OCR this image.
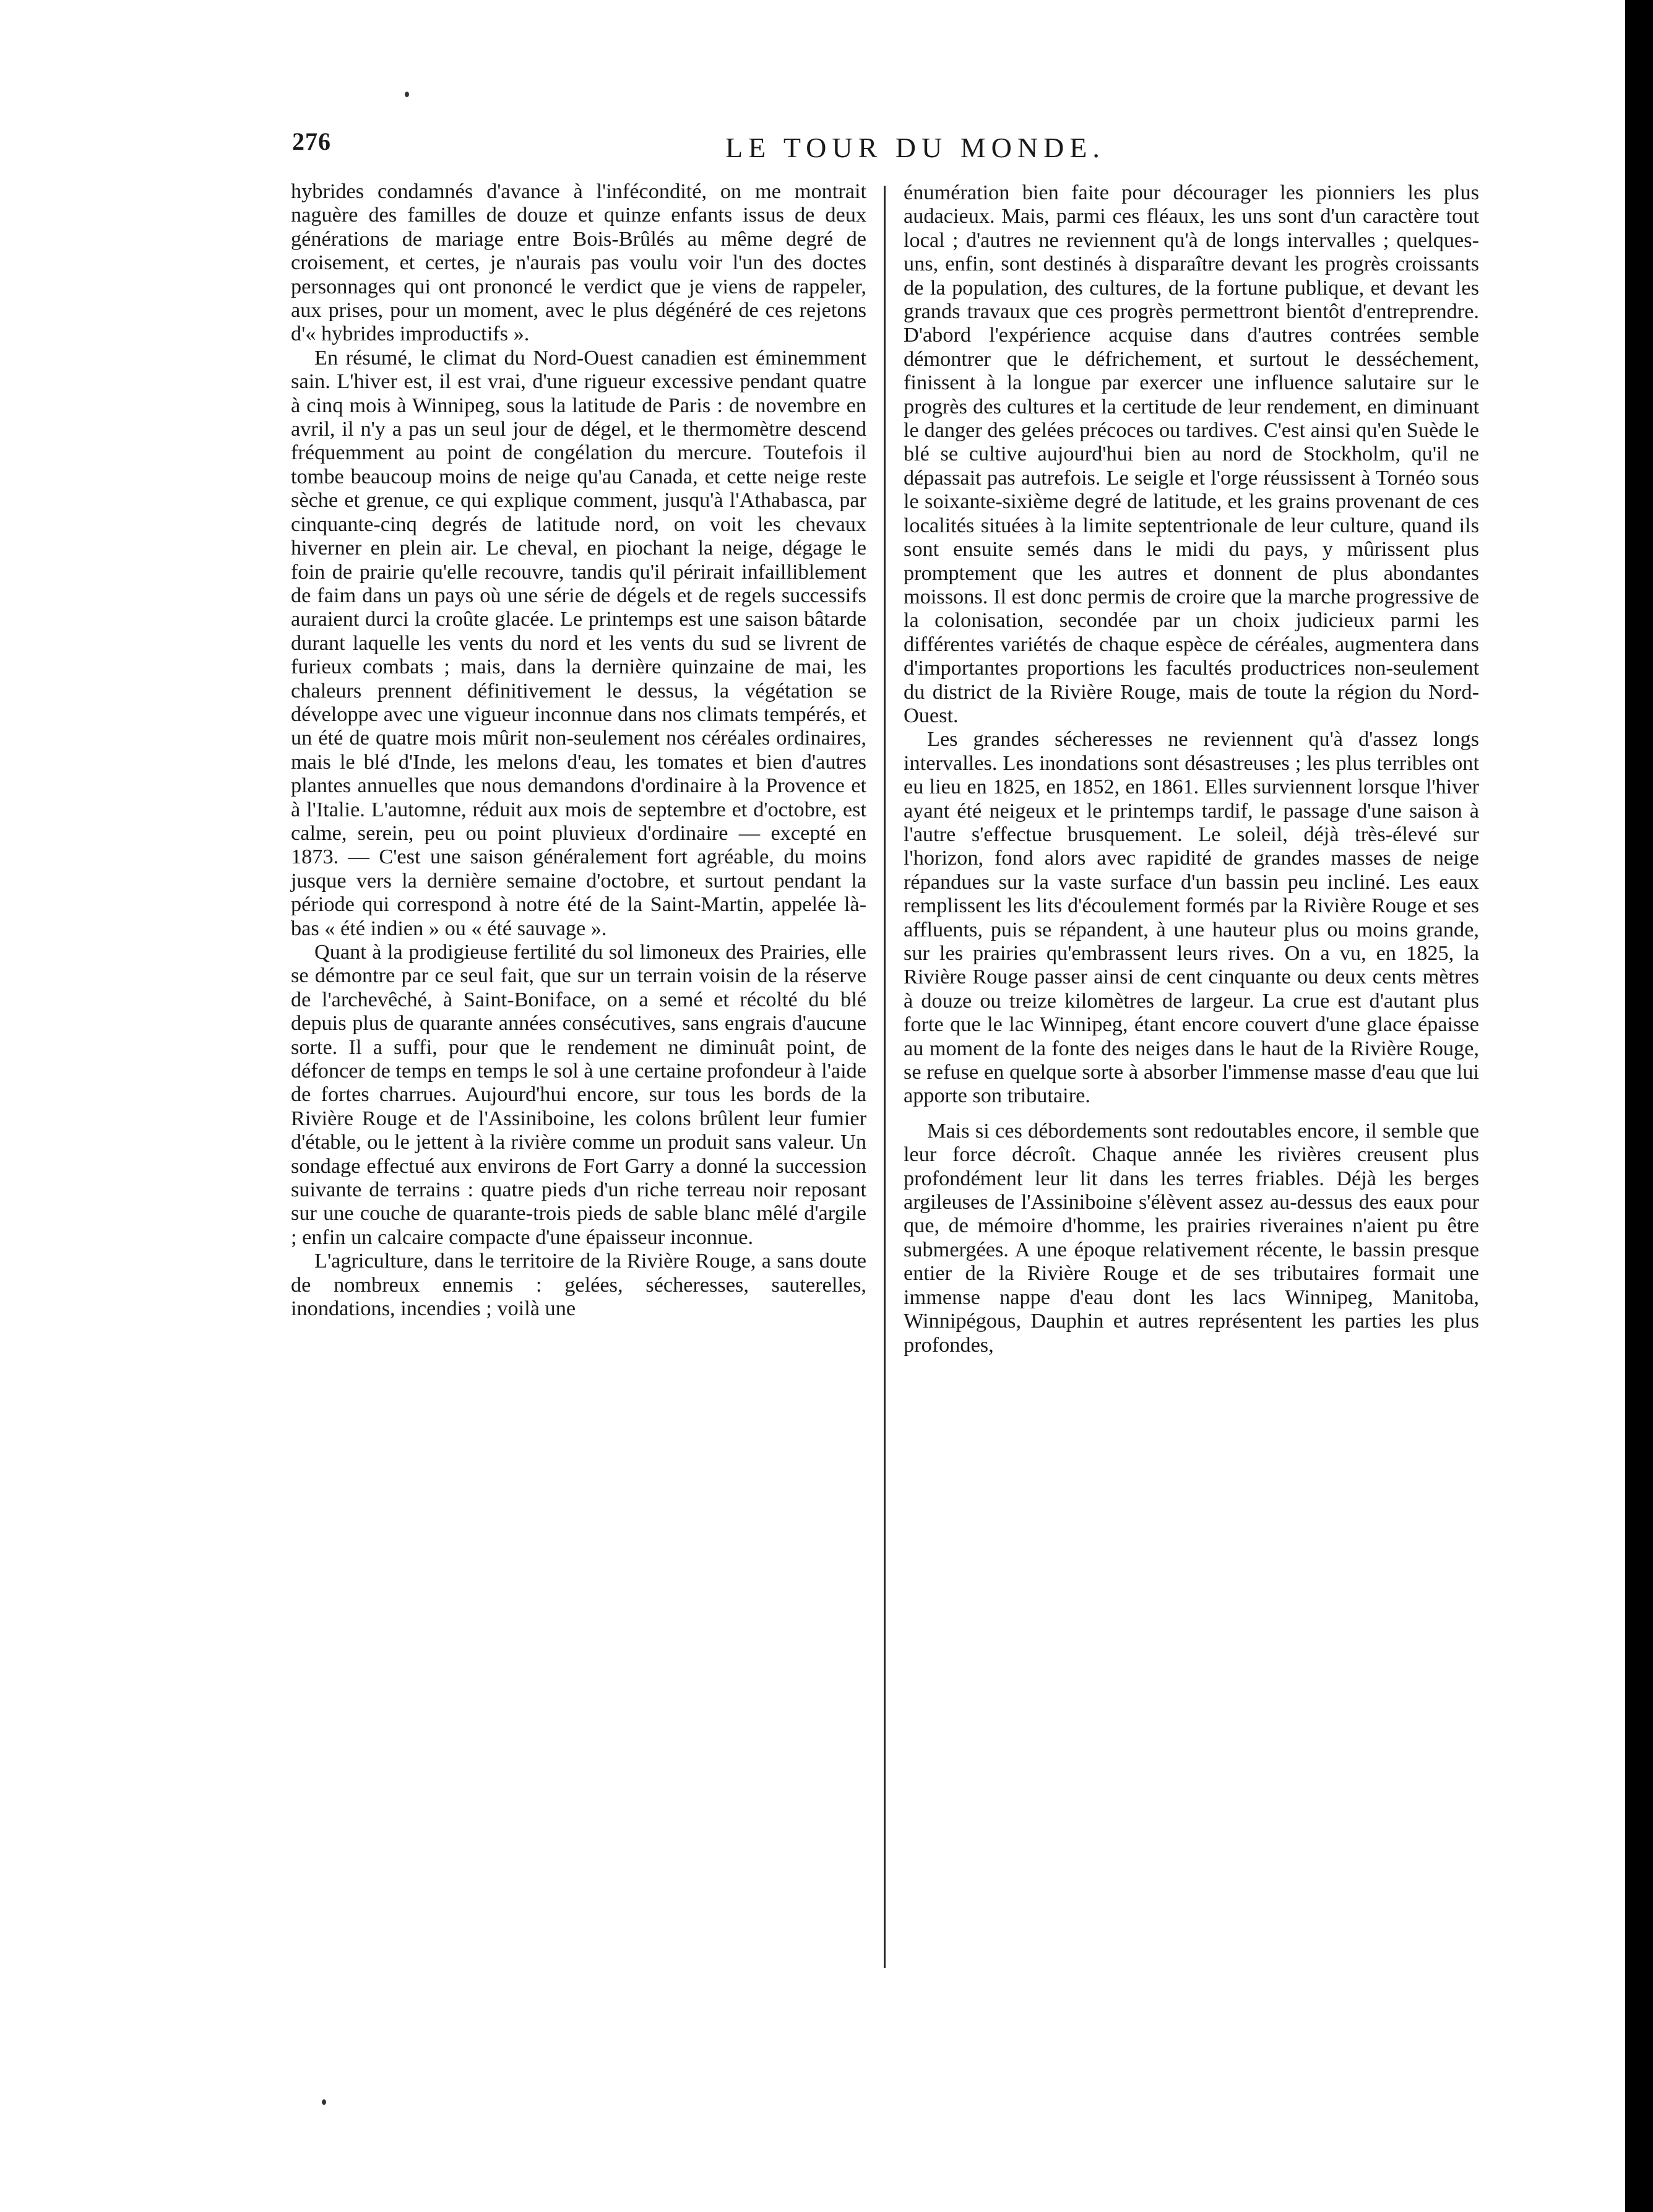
276	LE TOUR DU MONDE.

hybrides condamnés d'avance à l'infécondité, on me montrait naguère des familles de douze et quinze enfants issus de deux générations de mariage entre Bois-Brûlés au même degré de croisement, et certes, je n'aurais pas voulu voir l'un des doctes personnages qui ont prononcé le verdict que je viens de rappeler, aux prises, pour un moment, avec le plus dégénéré de ces rejetons d'« hybrides improductifs ».

En résumé, le climat du Nord-Ouest canadien est éminemment sain. L'hiver est, il est vrai, d'une rigueur excessive pendant quatre à cinq mois à Winnipeg, sous la latitude de Paris : de novembre en avril, il n'y a pas un seul jour de dégel, et le thermomètre descend fréquemment au point de congélation du mercure. Toutefois il tombe beaucoup moins de neige qu'au Canada, et cette neige reste sèche et grenue, ce qui explique comment, jusqu'à l'Athabasca, par cinquante-cinq degrés de latitude nord, on voit les chevaux hiverner en plein air. Le cheval, en piochant la neige, dégage le foin de prairie qu'elle recouvre, tandis qu'il périrait infailliblement de faim dans un pays où une série de dégels et de regels successifs auraient durci la croûte glacée. Le printemps est une saison bâtarde durant laquelle les vents du nord et les vents du sud se livrent de furieux combats ; mais, dans la dernière quinzaine de mai, les chaleurs prennent définitivement le dessus, la végétation se développe avec une vigueur inconnue dans nos climats tempérés, et un été de quatre mois mûrit non-seulement nos céréales ordinaires, mais le blé d'Inde, les melons d'eau, les tomates et bien d'autres plantes annuelles que nous demandons d'ordinaire à la Provence et à l'Italie. L'automne, réduit aux mois de septembre et d'octobre, est calme, serein, peu ou point pluvieux d'ordinaire — excepté en 1873. — C'est une saison généralement fort agréable, du moins jusque vers la dernière semaine d'octobre, et surtout pendant la période qui correspond à notre été de la Saint-Martin, appelée là-bas « été indien » ou « été sauvage ».

Quant à la prodigieuse fertilité du sol limoneux des Prairies, elle se démontre par ce seul fait, que sur un terrain voisin de la réserve de l'archevêché, à Saint-Boniface, on a semé et récolté du blé depuis plus de quarante années consécutives, sans engrais d'aucune sorte. Il a suffi, pour que le rendement ne diminuât point, de défoncer de temps en temps le sol à une certaine profondeur à l'aide de fortes charrues. Aujourd'hui encore, sur tous les bords de la Rivière Rouge et de l'Assiniboine, les colons brûlent leur fumier d'étable, ou le jettent à la rivière comme un produit sans valeur. Un sondage effectué aux environs de Fort Garry a donné la succession suivante de terrains : quatre pieds d'un riche terreau noir reposant sur une couche de quarante-trois pieds de sable blanc mêlé d'argile ; enfin un calcaire compacte d'une épaisseur inconnue.

L'agriculture, dans le territoire de la Rivière Rouge, a sans doute de nombreux ennemis : gelées, sécheresses, sauterelles, inondations, incendies ; voilà une

énumération bien faite pour décourager les pionniers les plus audacieux. Mais, parmi ces fléaux, les uns sont d'un caractère tout local ; d'autres ne reviennent qu'à de longs intervalles ; quelques-uns, enfin, sont destinés à disparaître devant les progrès croissants de la population, des cultures, de la fortune publique, et devant les grands travaux que ces progrès permettront bientôt d'entreprendre. D'abord l'expérience acquise dans d'autres contrées semble démontrer que le défrichement, et surtout le desséchement, finissent à la longue par exercer une influence salutaire sur le progrès des cultures et la certitude de leur rendement, en diminuant le danger des gelées précoces ou tardives. C'est ainsi qu'en Suède le blé se cultive aujourd'hui bien au nord de Stockholm, qu'il ne dépassait pas autrefois. Le seigle et l'orge réussissent à Tornéo sous le soixante-sixième degré de latitude, et les grains provenant de ces localités situées à la limite septentrionale de leur culture, quand ils sont ensuite semés dans le midi du pays, y mûrissent plus promptement que les autres et donnent de plus abondantes moissons. Il est donc permis de croire que la marche progressive de la colonisation, secondée par un choix judicieux parmi les différentes variétés de chaque espèce de céréales, augmentera dans d'importantes proportions les facultés productrices non-seulement du district de la Rivière Rouge, mais de toute la région du Nord-Ouest.

Les grandes sécheresses ne reviennent qu'à d'assez longs intervalles. Les inondations sont désastreuses ; les plus terribles ont eu lieu en 1825, en 1852, en 1861. Elles surviennent lorsque l'hiver ayant été neigeux et le printemps tardif, le passage d'une saison à l'autre s'effectue brusquement. Le soleil, déjà très-élevé sur l'horizon, fond alors avec rapidité de grandes masses de neige répandues sur la vaste surface d'un bassin peu incliné. Les eaux remplissent les lits d'écoulement formés par la Rivière Rouge et ses affluents, puis se répandent, à une hauteur plus ou moins grande, sur les prairies qu'embrassent leurs rives. On a vu, en 1825, la Rivière Rouge passer ainsi de cent cinquante ou deux cents mètres à douze ou treize kilomètres de largeur. La crue est d'autant plus forte que le lac Winnipeg, étant encore couvert d'une glace épaisse au moment de la fonte des neiges dans le haut de la Rivière Rouge, se refuse en quelque sorte à absorber l'immense masse d'eau que lui apporte son tributaire.

Mais si ces débordements sont redoutables encore, il semble que leur force décroît. Chaque année les rivières creusent plus profondément leur lit dans les terres friables. Déjà les berges argileuses de l'Assiniboine s'élèvent assez au-dessus des eaux pour que, de mémoire d'homme, les prairies riveraines n'aient pu être submergées. A une époque relativement récente, le bassin presque entier de la Rivière Rouge et de ses tributaires formait une immense nappe d'eau dont les lacs Winnipeg, Manitoba, Winnipégous, Dauphin et autres représentent les parties les plus profondes,
